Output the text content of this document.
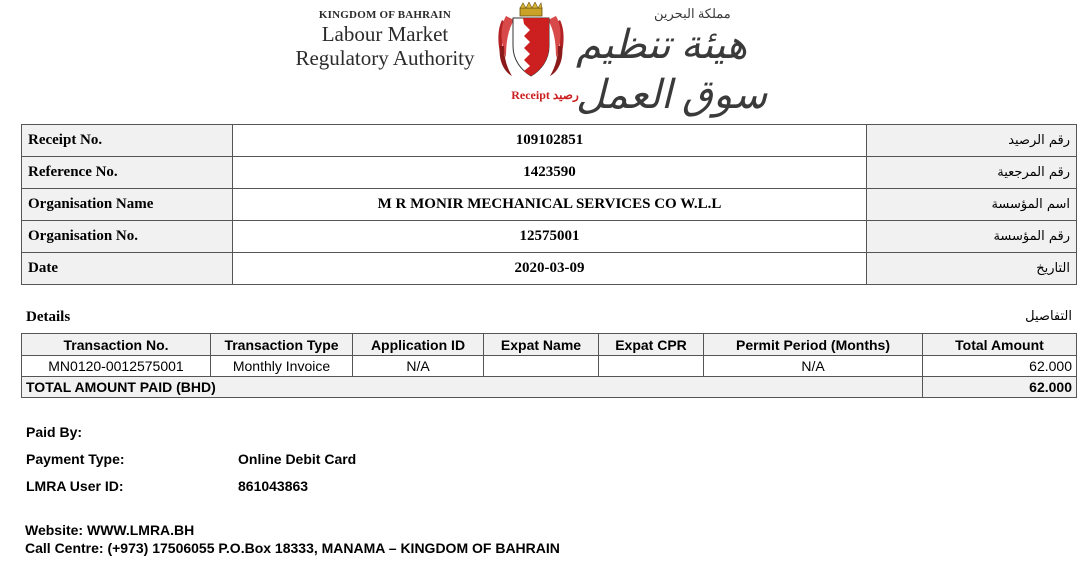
KINGDOM OF BAHRAIN
Labour Market
Regulatory Authority
مملكة البحرين
هيئة تنظيم سوق العمل
Receipt رصيد
Receipt No.	109102851	رقم الرصيد
Reference No.	1423590	رقم المرجعية
Organisation Name	M R MONIR MECHANICAL SERVICES CO W.L.L	اسم المؤسسة
Organisation No.	12575001	رقم المؤسسة
Date	2020-03-09	التاريخ
Details	التفاصيل
Transaction No.	Transaction Type	Application ID	Expat Name	Expat CPR	Permit Period (Months)	Total Amount
MN0120-0012575001	Monthly Invoice	N/A			N/A	62.000
TOTAL AMOUNT PAID (BHD)						62.000
Paid By:
Payment Type:	Online Debit Card
LMRA User ID:	861043863
Website: WWW.LMRA.BH
Call Centre: (+973) 17506055 P.O.Box 18333, MANAMA – KINGDOM OF BAHRAIN
